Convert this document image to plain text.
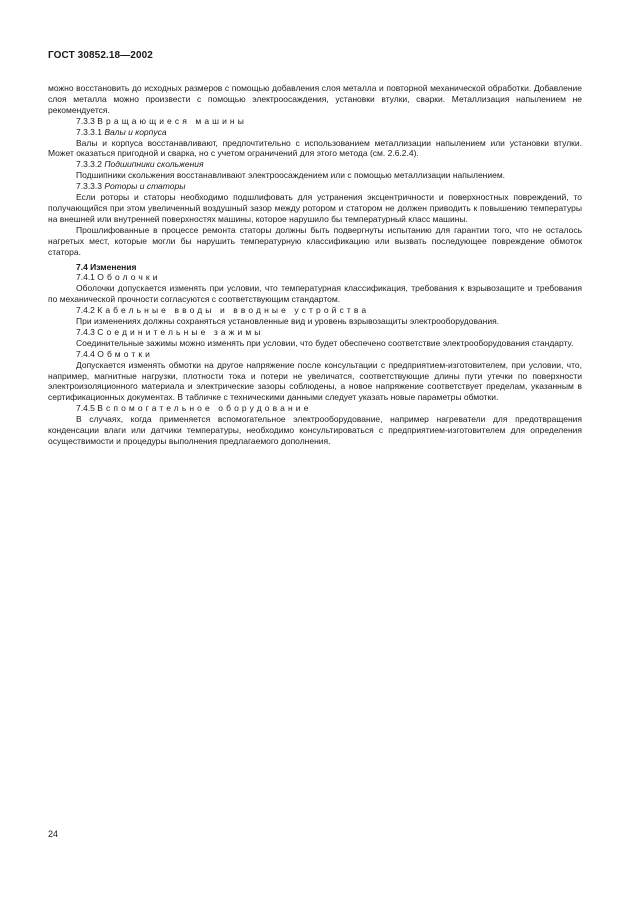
ГОСТ 30852.18—2002

можно восстановить до исходных размеров с помощью добавления слоя металла и повторной механической обработки. Добавление слоя металла можно произвести с помощью электроосаждения, установки втулки, сварки. Металлизация напылением не рекомендуется.

7.3.3 Вращающиеся машины

7.3.3.1 Валы и корпуса

Валы и корпуса восстанавливают, предпочтительно с использованием металлизации напылением или установки втулки. Может оказаться пригодной и сварка, но с учетом ограничений для этого метода (см. 2.6.2.4).

7.3.3.2 Подшипники скольжения

Подшипники скольжения восстанавливают электроосаждением или с помощью металлизации напылением.

7.3.3.3 Роторы и статоры

Если роторы и статоры необходимо подшлифовать для устранения эксцентричности и поверхностных повреждений, то получающийся при этом увеличенный воздушный зазор между ротором и статором не должен приводить к повышению температуры на внешней или внутренней поверхностях машины, которое нарушило бы температурный класс машины.

Прошлифованные в процессе ремонта статоры должны быть подвергнуты испытанию для гарантии того, что не осталось нагретых мест, которые могли бы нарушить температурную классификацию или вызвать последующее повреждение обмоток статора.

7.4 Изменения

7.4.1 Оболочки

Оболочки допускается изменять при условии, что температурная классификация, требования к взрывозащите и требования по механической прочности согласуются с соответствующим стандартом.

7.4.2 Кабельные вводы и вводные устройства

При изменениях должны сохраняться установленные вид и уровень взрывозащиты электрооборудования.

7.4.3 Соединительные зажимы

Соединительные зажимы можно изменять при условии, что будет обеспечено соответствие электрооборудования стандарту.

7.4.4 Обмотки

Допускается изменять обмотки на другое напряжение после консультации с предприятием-изготовителем, при условии, что, например, магнитные нагрузки, плотности тока и потери не увеличатся, соответствующие длины пути утечки по поверхности электроизоляционного материала и электрические зазоры соблюдены, а новое напряжение соответствует пределам, указанным в сертификационных документах. В табличке с техническими данными следует указать новые параметры обмотки.

7.4.5 Вспомогательное оборудование

В случаях, когда применяется вспомогательное электрооборудование, например нагреватели для предотвращения конденсации влаги или датчики температуры, необходимо консультироваться с предприятием-изготовителем для определения осуществимости и процедуры выполнения предлагаемого дополнения.

24
